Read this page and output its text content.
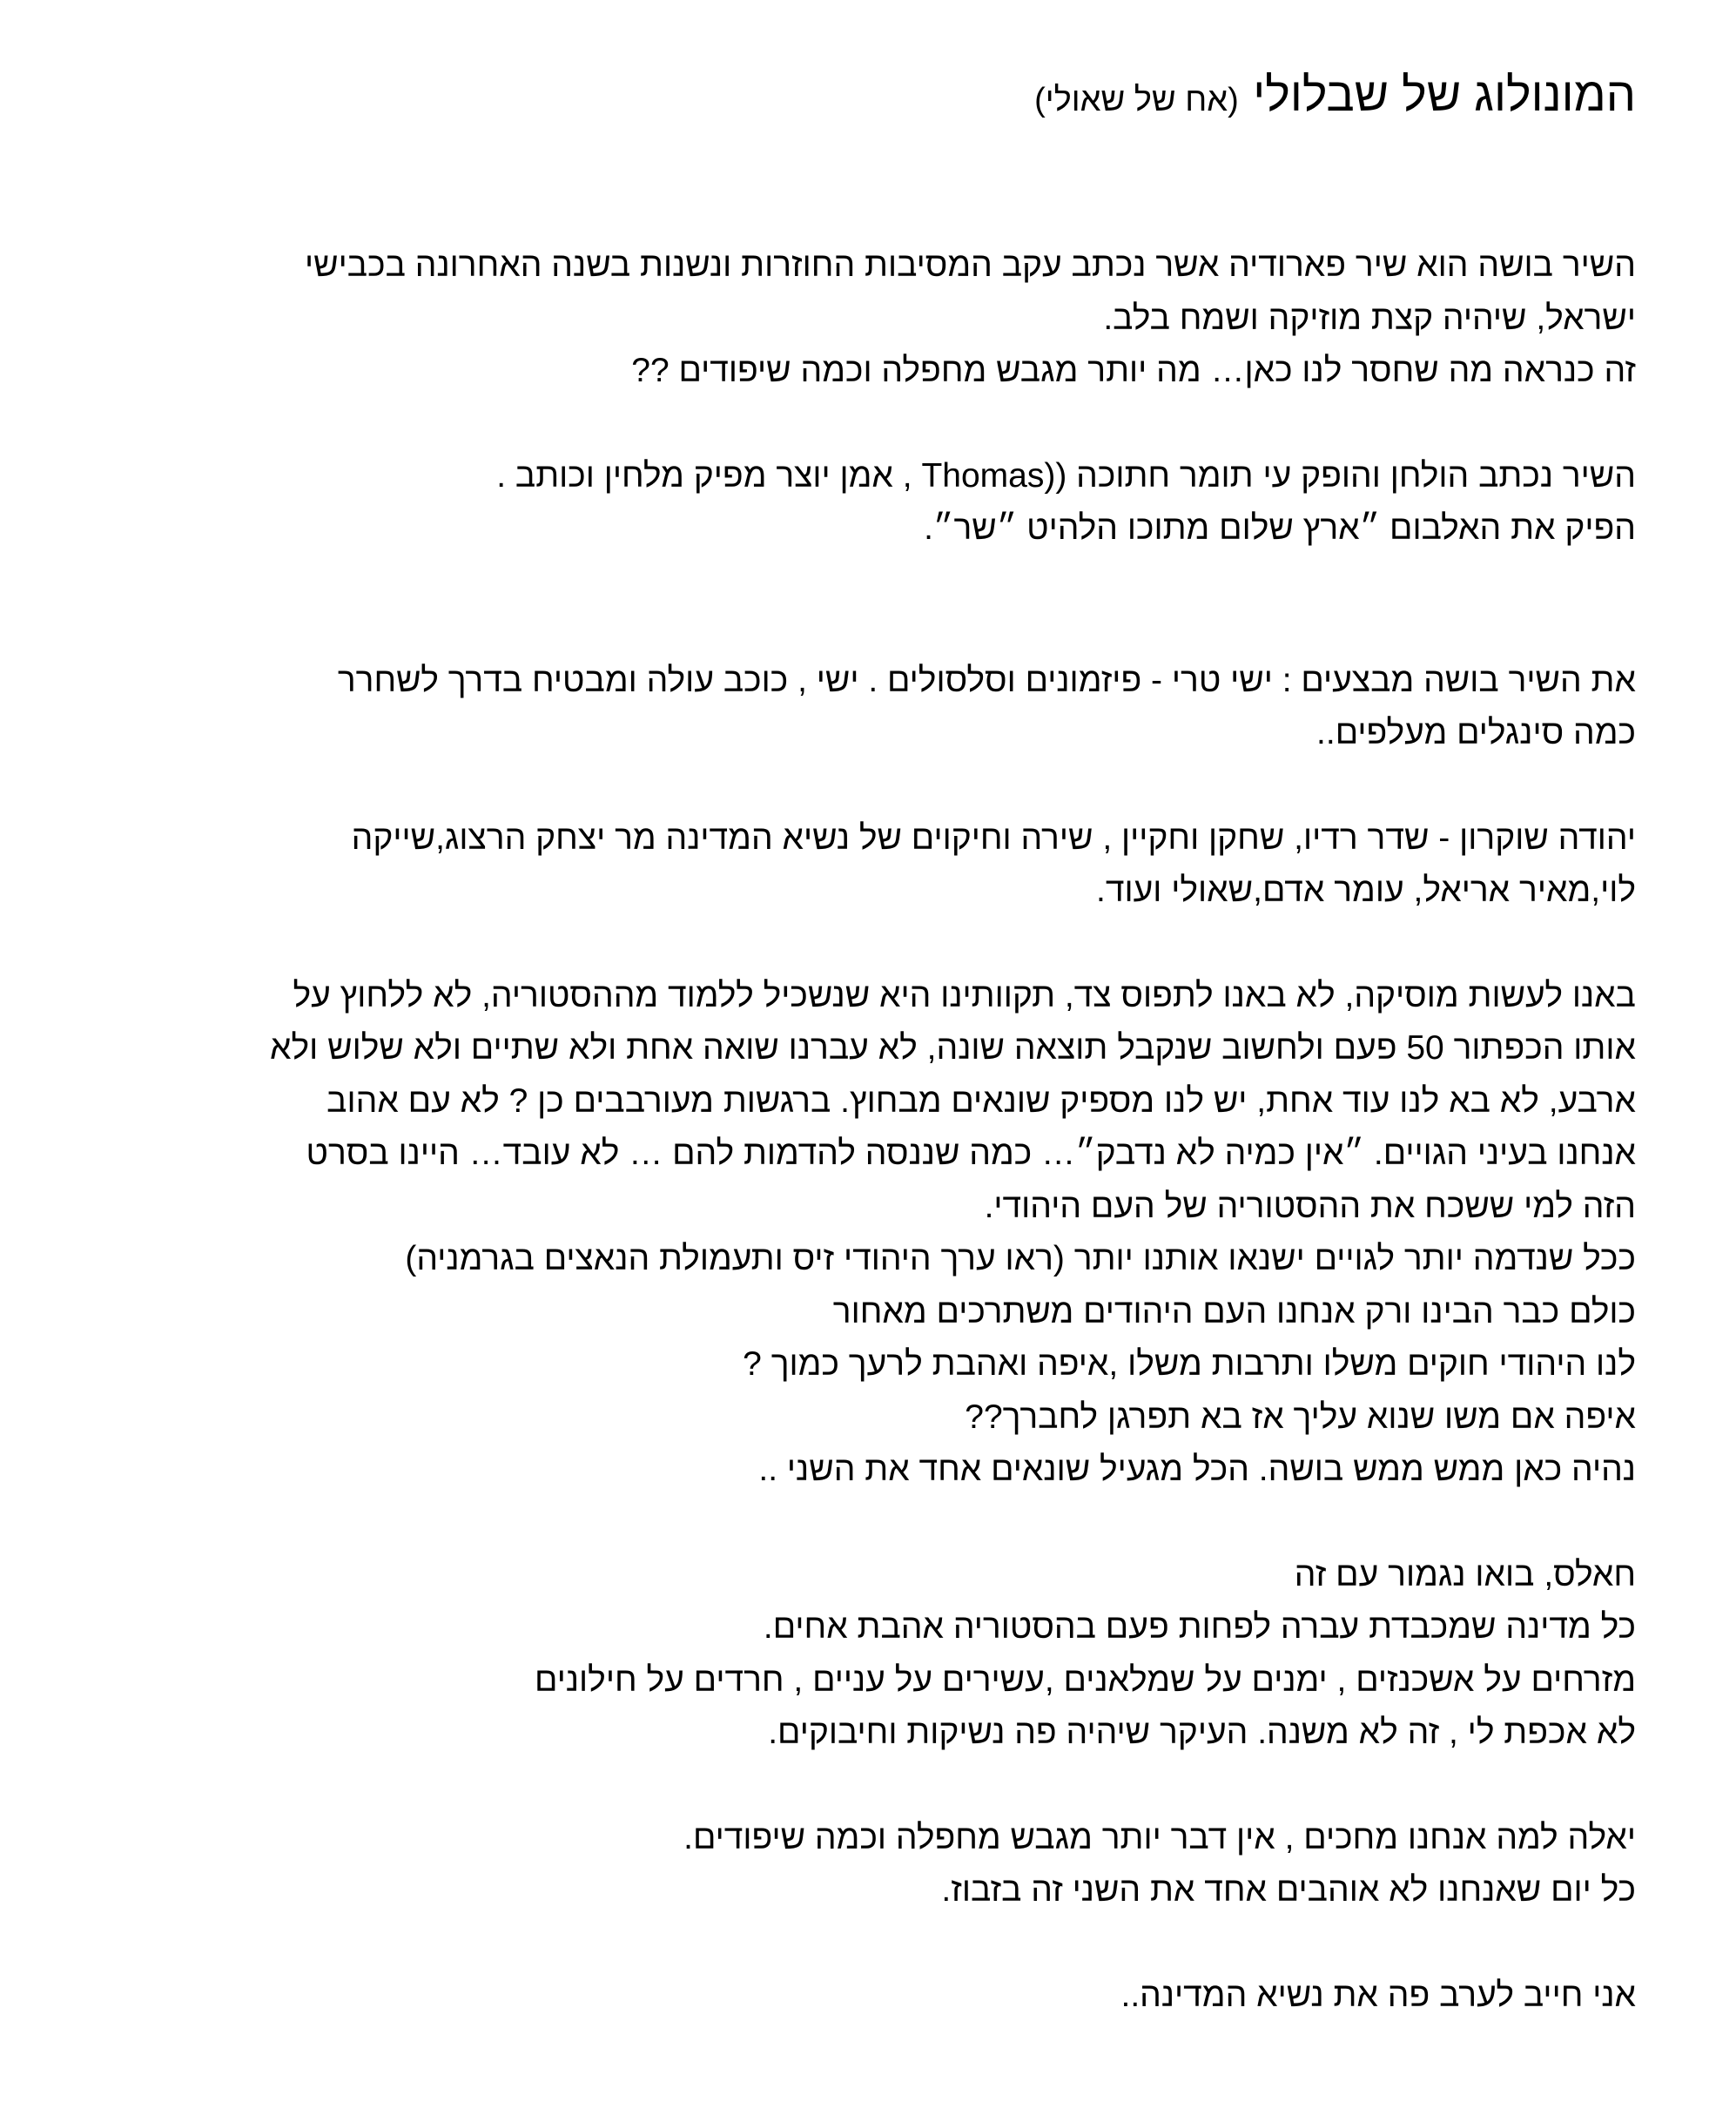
המונולוג של שבלולי (אח של שאולי)

השיר בושה הוא שיר פארודיה אשר נכתב עקב המסיבות החוזרות ונשנות בשנה האחרונה בכבישי
ישראל, שיהיה קצת מוזיקה ושמח בלב.
זה כנראה מה שחסר לנו כאן… מה יותר מגבש מחפלה וכמה שיפודים ??

השיר נכתב הולחן והופק עי תומר חתוכה ((Thomas , אמן יוצר מפיק מלחין וכותב .
הפיק את האלבום ״ארץ שלום מתוכו הלהיט ״שר״.

את השיר בושה מבצעים : ישי טרי - פיזמונים וסלסולים . ישי , כוכב עולה ומבטיח בדרך לשחרר
כמה סינגלים מעלפים..

יהודה שוקרון - שדר רדיו, שחקן וחקיין , שירה וחיקוים של נשיא המדינה מר יצחק הרצוג,שייקה
לוי,מאיר אריאל, עומר אדם,שאולי ועוד.

באנו לעשות מוסיקה, לא באנו לתפוס צד, תקוותינו היא שנשכיל ללמוד מההסטוריה, לא ללחוץ על
אותו הכפתור 50 פעם ולחשוב שנקבל תוצאה שונה, לא עברנו שואה אחת ולא שתיים ולא שלוש ולא
ארבע, לא בא לנו עוד אחת, יש לנו מספיק שונאים מבחוץ. ברגשות מעורבבים כן ? לא עם אהוב
אנחנו בעיני הגויים. ״אין כמיה לא נדבק״… כמה שננסה להדמות להם … לא עובד… היינו בסרט
הזה למי ששכח את ההסטוריה של העם היהודי.
ככל שנדמה יותר לגויים ישנאו אותנו יותר (ראו ערך היהודי זיס ותעמולת הנאצים בגרמניה)
כולם כבר הבינו ורק אנחנו העם היהודים משתרכים מאחור
לנו היהודי חוקים משלו ותרבות משלו ,איפה ואהבת לרעך כמוך ?
איפה אם משו שנוא עליך אז בא תפרגן לחברך??
נהיה כאן ממש ממש בושה. הכל מגעיל שונאים אחד את השני ..

חאלס, בואו נגמור עם זה
כל מדינה שמכבדת עברה לפחות פעם בהסטוריה אהבת אחים.
מזרחים על אשכנזים , ימנים על שמלאנים ,עשירים על עניים , חרדים על חילונים
לא אכפת לי , זה לא משנה. העיקר שיהיה פה נשיקות וחיבוקים.

יאלה למה אנחנו מחכים , אין דבר יותר מגבש מחפלה וכמה שיפודים.
כל יום שאנחנו לא אוהבים אחד את השני זה בזבוז.

אני חייב לערב פה את נשיא המדינה..
